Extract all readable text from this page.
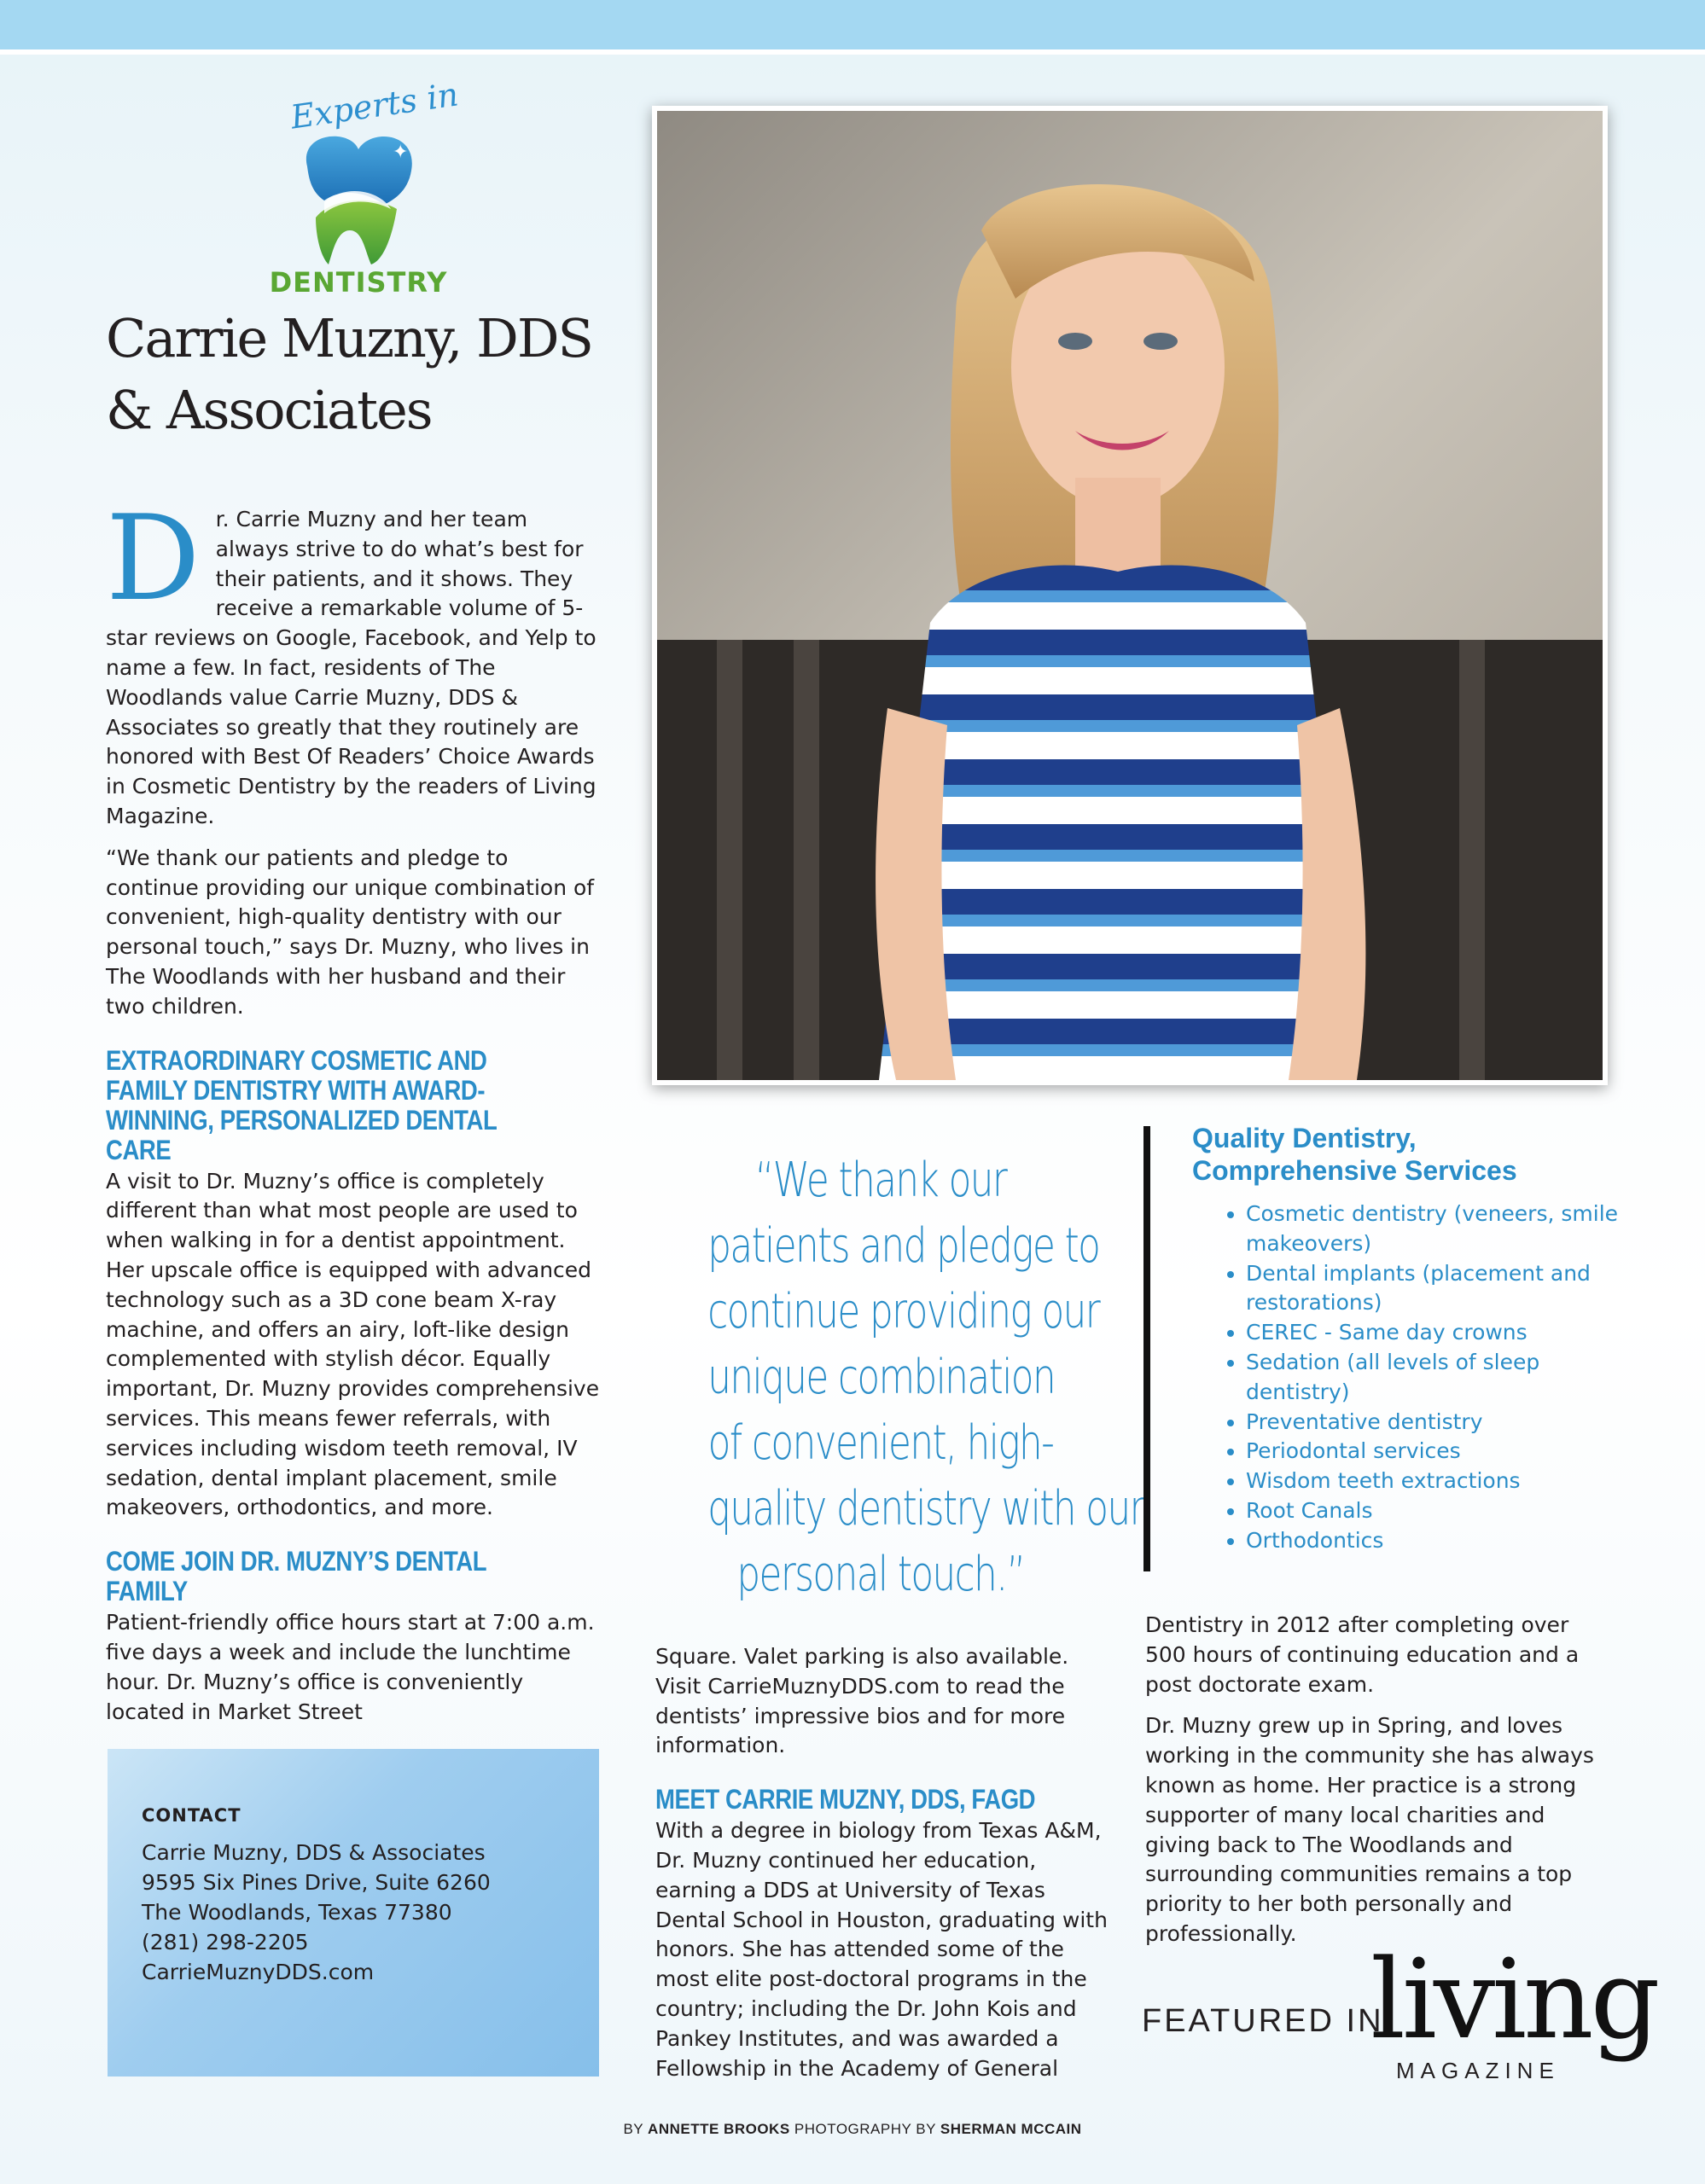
Experts in
✦
DENTISTRY
Carrie Muzny, DDS
& Associates

Dr. Carrie Muzny and her team always strive to do what’s best for their patients, and it shows. They receive a remarkable volume of 5-star reviews on Google, Facebook, and Yelp to name a few. In fact, residents of The Woodlands value Carrie Muzny, DDS & Associates so greatly that they routinely are honored with Best Of Readers’ Choice Awards in Cosmetic Dentistry by the readers of Living Magazine.

“We thank our patients and pledge to continue providing our unique combination of convenient, high-quality dentistry with our personal touch,” says Dr. Muzny, who lives in The Woodlands with her husband and their two children.

EXTRAORDINARY COSMETIC AND FAMILY DENTISTRY WITH AWARD-WINNING, PERSONALIZED DENTAL CARE

A visit to Dr. Muzny’s office is completely different than what most people are used to when walking in for a dentist appointment. Her upscale office is equipped with advanced technology such as a 3D cone beam X-ray machine, and offers an airy, loft-like design complemented with stylish décor. Equally important, Dr. Muzny provides comprehensive services. This means fewer referrals, with services including wisdom teeth removal, IV sedation, dental implant placement, smile makeovers, orthodontics, and more.

COME JOIN DR. MUZNY’S DENTAL FAMILY

Patient-friendly office hours start at 7:00 a.m. five days a week and include the lunchtime hour. Dr. Muzny’s office is conveniently located in Market Street

“We thank our
patients and pledge to
continue providing our
unique combination
of convenient, high-
quality dentistry with our
personal touch.”

Square. Valet parking is also available. Visit CarrieMuznyDDS.com to read the dentists’ impressive bios and for more information.

MEET CARRIE MUZNY, DDS, FAGD

With a degree in biology from Texas A&M, Dr. Muzny continued her education, earning a DDS at University of Texas Dental School in Houston, graduating with honors. She has attended some of the most elite post-doctoral programs in the country; including the Dr. John Kois and Pankey Institutes, and was awarded a Fellowship in the Academy of General

Quality Dentistry,
Comprehensive Services
• Cosmetic dentistry (veneers, smile makeovers)
• Dental implants (placement and restorations)
• CEREC - Same day crowns
• Sedation (all levels of sleep dentistry)
• Preventative dentistry
• Periodontal services
• Wisdom teeth extractions
• Root Canals
• Orthodontics

Dentistry in 2012 after completing over 500 hours of continuing education and a post doctorate exam.

Dr. Muzny grew up in Spring, and loves working in the community she has always known as home. Her practice is a strong supporter of many local charities and giving back to The Woodlands and surrounding communities remains a top priority to her both personally and professionally.

CONTACT
Carrie Muzny, DDS & Associates
9595 Six Pines Drive, Suite 6260
The Woodlands, Texas 77380
(281) 298-2205
CarrieMuznyDDS.com
FEATURED IN
living
MAGAZINE
BY ANNETTE BROOKS PHOTOGRAPHY BY SHERMAN MCCAIN
